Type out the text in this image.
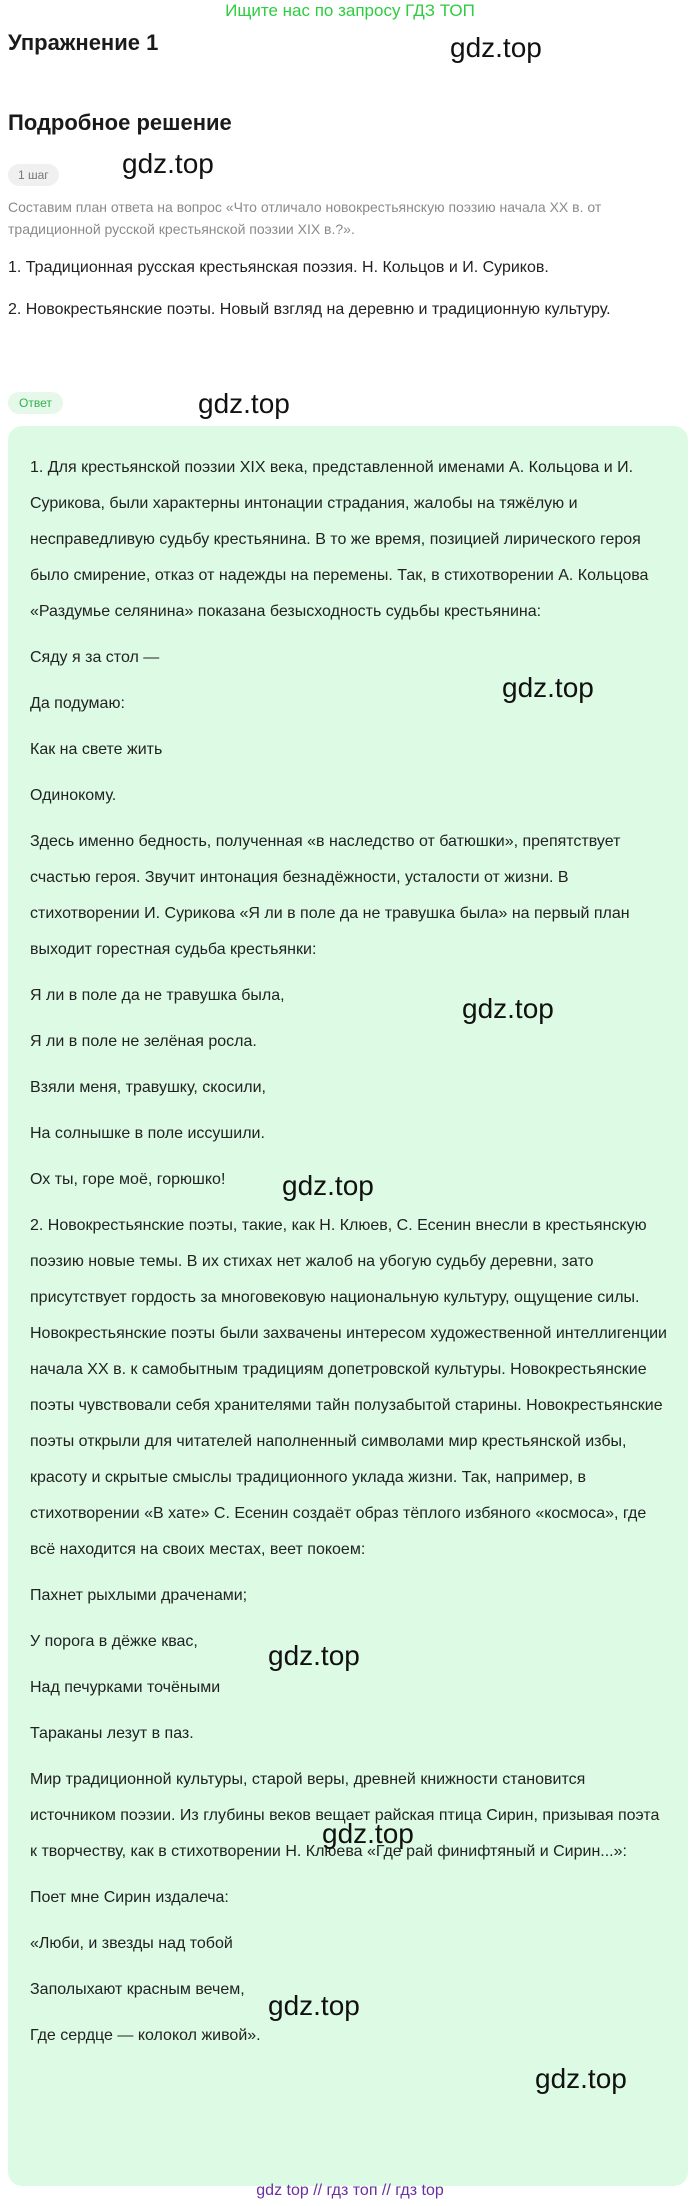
Ищите нас по запросу ГДЗ ТОП
Упражнение 1
Подробное решение
1 шаг
Составим план ответа на вопрос «Что отличало новокрестьянскую поэзию начала XX в. от традиционной русской крестьянской поэзии XIX в.?».
1. Традиционная русская крестьянская поэзия. Н. Кольцов и И. Суриков.
2. Новокрестьянские поэты. Новый взгляд на деревню и традиционную культуру.
Ответ

1. Для крестьянской поэзии XIX века, представленной именами А. Кольцова и И. Сурикова, были характерны интонации страдания, жалобы на тяжёлую и несправедливую судьбу крестьянина. В то же время, позицией лирического героя было смирение, отказ от надежды на перемены. Так, в стихотворении А. Кольцова «Раздумье селянина» показана безысходность судьбы крестьянина:

Сяду я за стол —

Да подумаю:

Как на свете жить

Одинокому.

Здесь именно бедность, полученная «в наследство от батюшки», препятствует счастью героя. Звучит интонация безнадёжности, усталости от жизни. В стихотворении И. Сурикова «Я ли в поле да не травушка была» на первый план выходит горестная судьба крестьянки:

Я ли в поле да не травушка была,

Я ли в поле не зелёная росла.

Взяли меня, травушку, скосили,

На солнышке в поле иссушили.

Ох ты, горе моё, горюшко!

2. Новокрестьянские поэты, такие, как Н. Клюев, С. Есенин внесли в крестьянскую поэзию новые темы. В их стихах нет жалоб на убогую судьбу деревни, зато присутствует гордость за многовековую национальную культуру, ощущение силы. Новокрестьянские поэты были захвачены интересом художественной интеллигенции начала XX в. к самобытным традициям допетровской культуры. Новокрестьянские поэты чувствовали себя хранителями тайн полузабытой старины. Новокрестьянские поэты открыли для читателей наполненный символами мир крестьянской избы, красоту и скрытые смыслы традиционного уклада жизни. Так, например, в стихотворении «В хате» С. Есенин создаёт образ тёплого избяного «космоса», где всё находится на своих местах, веет покоем:

Пахнет рыхлыми драченами;

У порога в дёжке квас,

Над печурками точёными

Тараканы лезут в паз.

Мир традиционной культуры, старой веры, древней книжности становится источником поэзии. Из глубины веков вещает райская птица Сирин, призывая поэта к творчеству, как в стихотворении Н. Клюева «Где рай финифтяный и Сирин...»:

Поет мне Сирин издалеча:

«Люби, и звезды над тобой

Заполыхают красным вечем,

Где сердце — колокол живой».

gdz.top
gdz.top
gdz.top
gdz.top
gdz.top
gdz.top
gdz.top
gdz.top
gdz.top
gdz.top
gdz top // гдз топ // гдз top
